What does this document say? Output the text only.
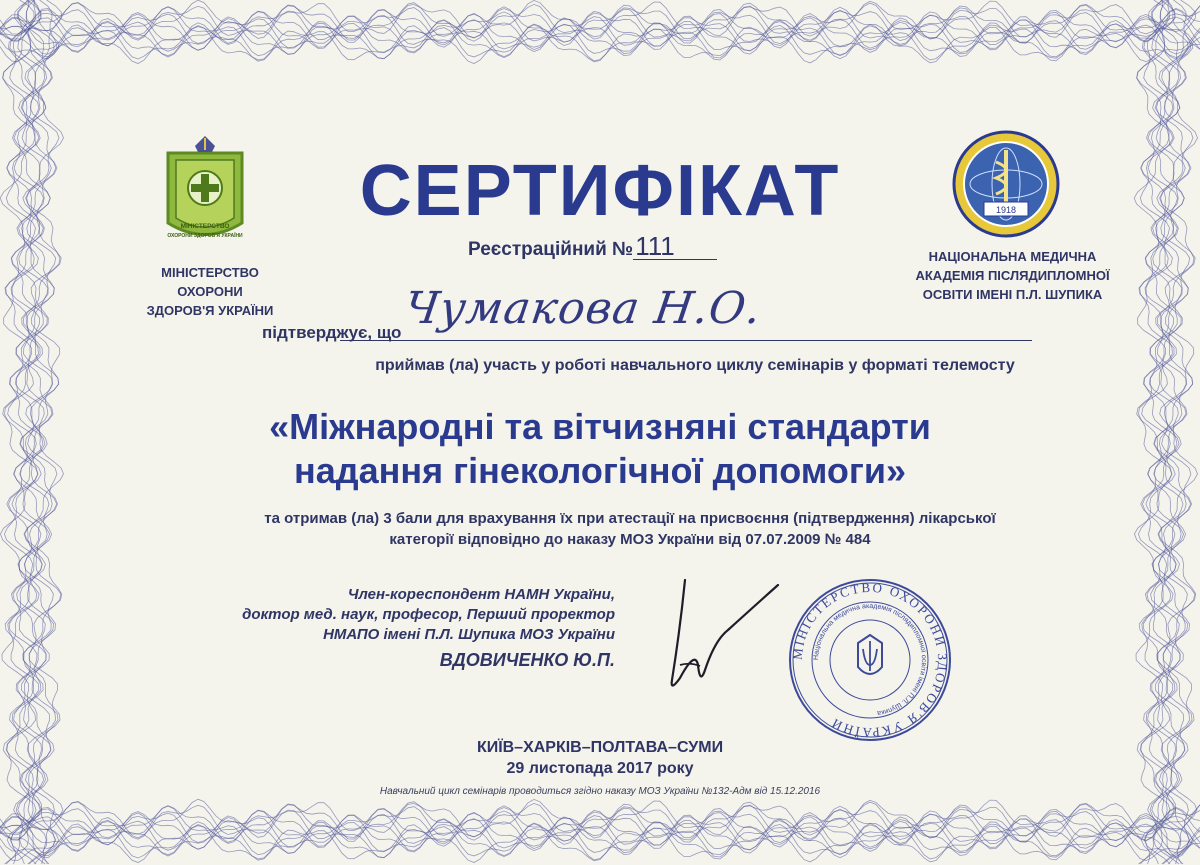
МІНІСТЕРСТВО
ОХОРОНИ ЗДОРОВ'Я УКРАЇНИ
МІНІСТЕРСТВО ОХОРОНИ
ЗДОРОВ'Я УКРАЇНИ
1918
НАЦІОНАЛЬНА МЕДИЧНА
АКАДЕМІЯ ПІСЛЯДИПЛОМНОЇ
ОСВІТИ ІМЕНІ П.Л. ШУПИКА
СЕРТИФІКАТ
Реєстраційний №111
підтверджує, що Чумакова Н.О.
приймав (ла) участь у роботі навчального циклу семінарів у форматі телемосту
«Міжнародні та вітчизняні стандарти
надання гінекологічної допомоги»
та отримав (ла) 3 бали для врахування їх при атестації на присвоєння (підтвердження) лікарської
категорії відповідно до наказу МОЗ України від 07.07.2009 № 484
Член-кореспондент НАМН України,
доктор мед. наук, професор, Перший проректор
НМАПО імені П.Л. Шупика МОЗ України
ВДОВИЧЕНКО Ю.П.	МІНІСТЕРСТВО ОХОРОНИ ЗДОРОВ'Я УКРАЇНИ
Національна медична академія післядипломної освіти імені П.Л. Шупика
КИЇВ–ХАРКІВ–ПОЛТАВА–СУМИ
29 листопада 2017 року
Навчальний цикл семінарів проводиться згідно наказу МОЗ України №132-Адм від 15.12.2016
